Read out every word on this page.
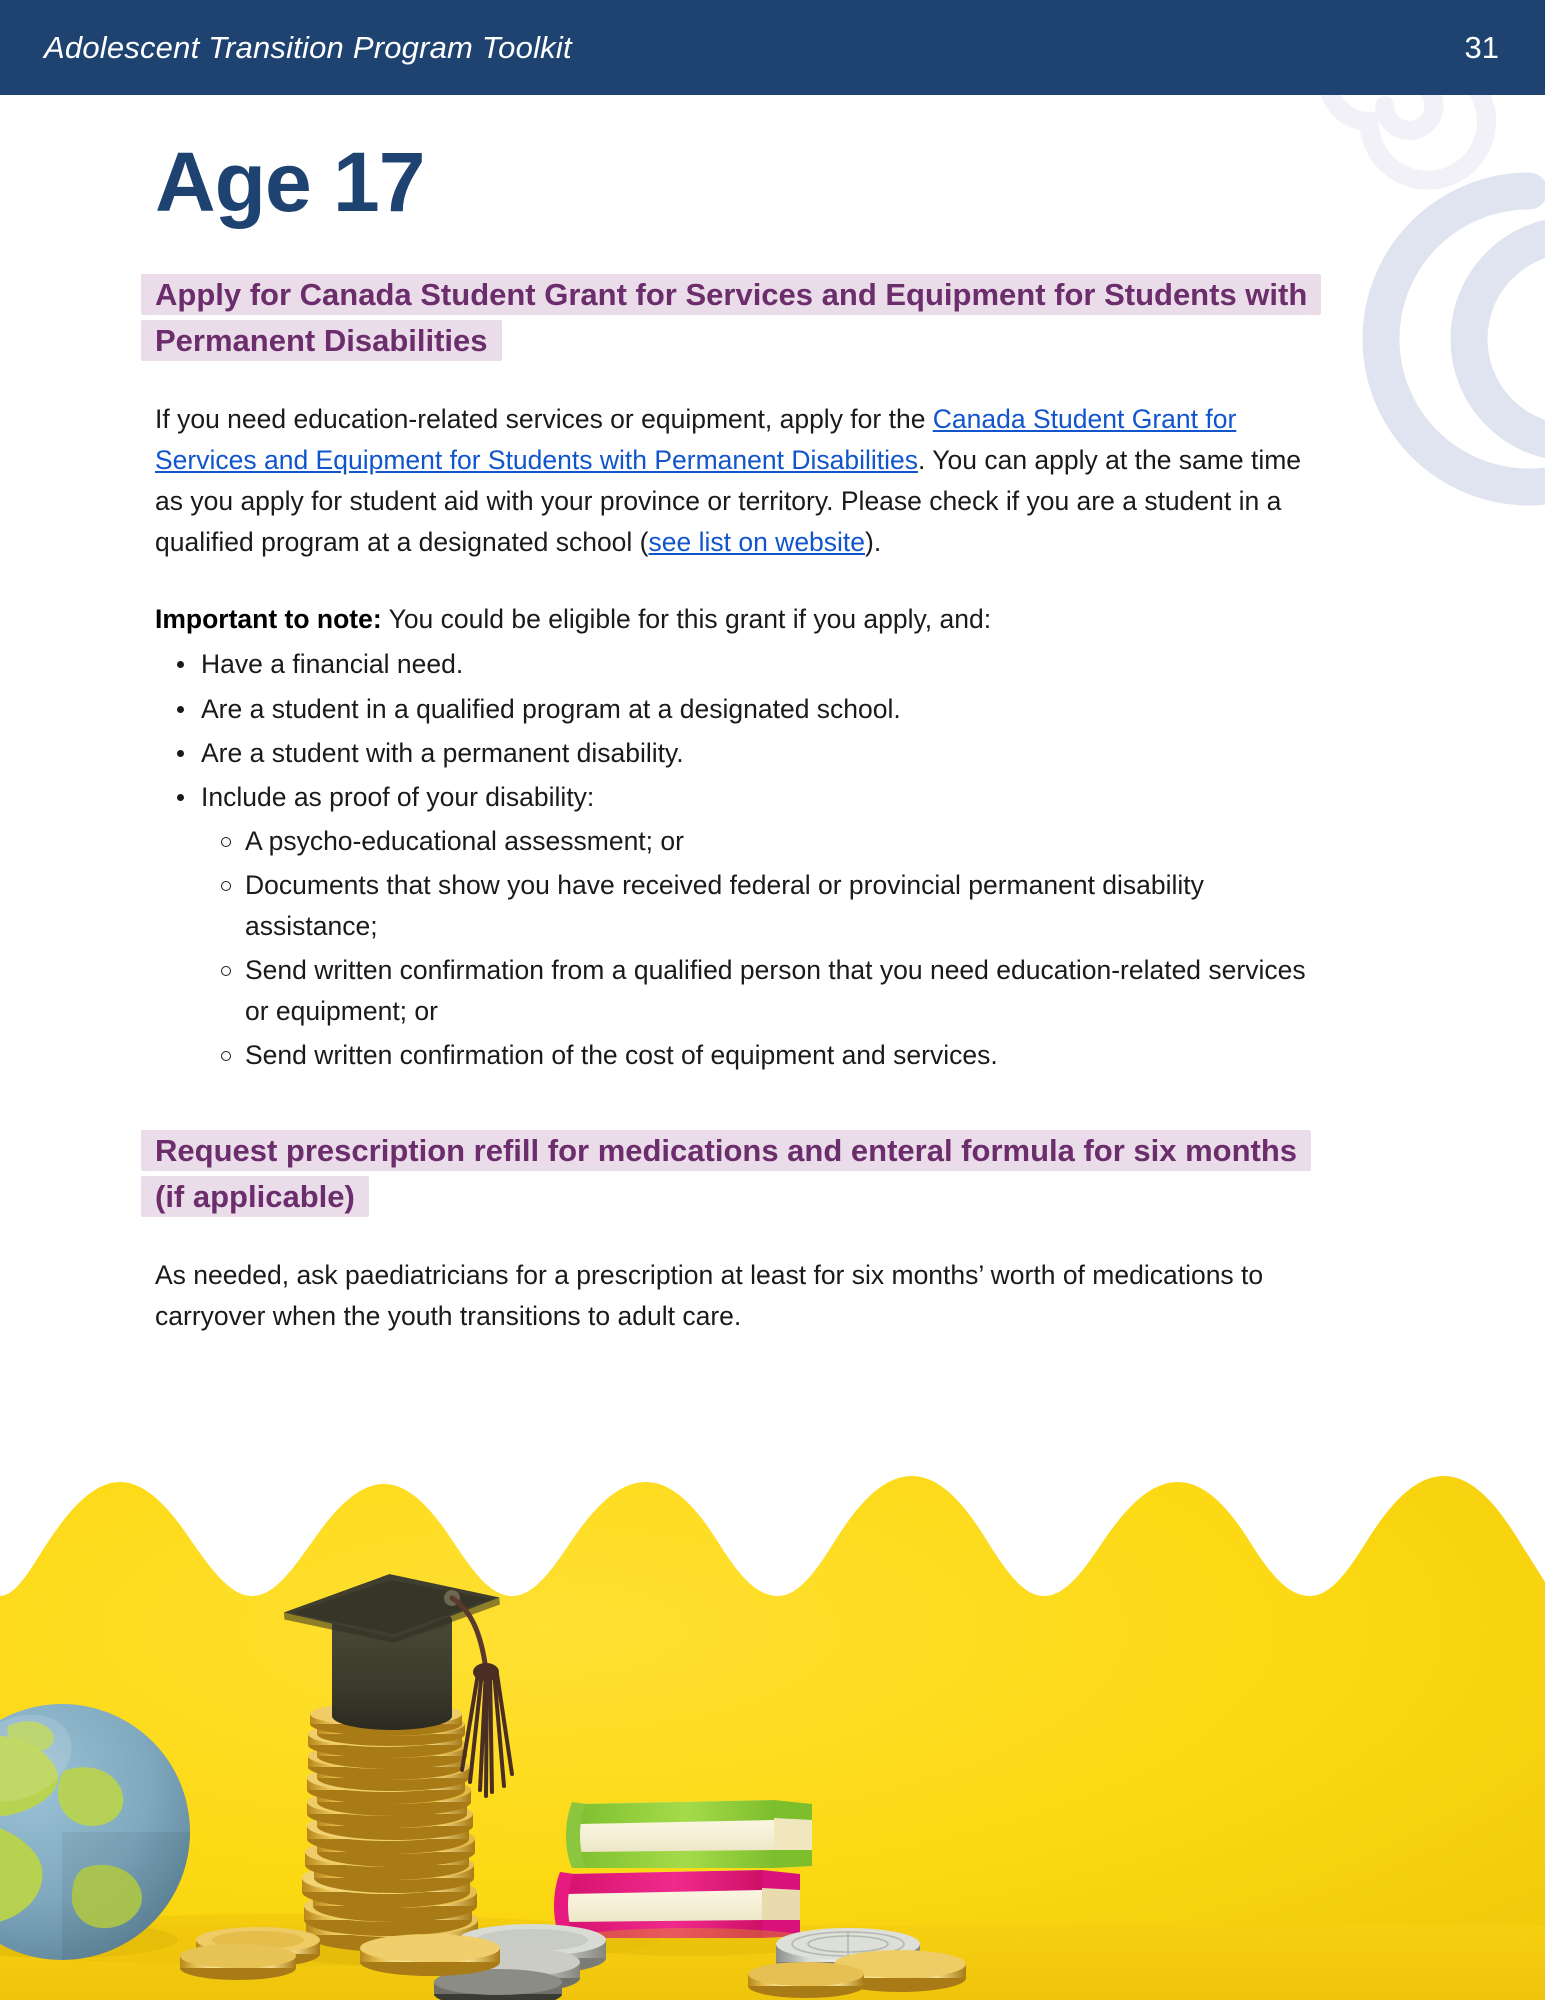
Adolescent Transition Program Toolkit	31
Age 17
Apply for Canada Student Grant for Services and Equipment for Students with Permanent Disabilities
If you need education-related services or equipment, apply for the Canada Student Grant for Services and Equipment for Students with Permanent Disabilities. You can apply at the same time as you apply for student aid with your province or territory. Please check if you are a student in a qualified program at a designated school (see list on website).
Important to note: You could be eligible for this grant if you apply, and:
Have a financial need.
Are a student in a qualified program at a designated school.
Are a student with a permanent disability.
Include as proof of your disability:
A psycho-educational assessment; or
Documents that show you have received federal or provincial permanent disability assistance;
Send written confirmation from a qualified person that you need education-related services or equipment; or
Send written confirmation of the cost of equipment and services.
Request prescription refill for medications and enteral formula for six months (if applicable)
As needed, ask paediatricians for a prescription at least for six months’ worth of medications to carryover when the youth transitions to adult care.
